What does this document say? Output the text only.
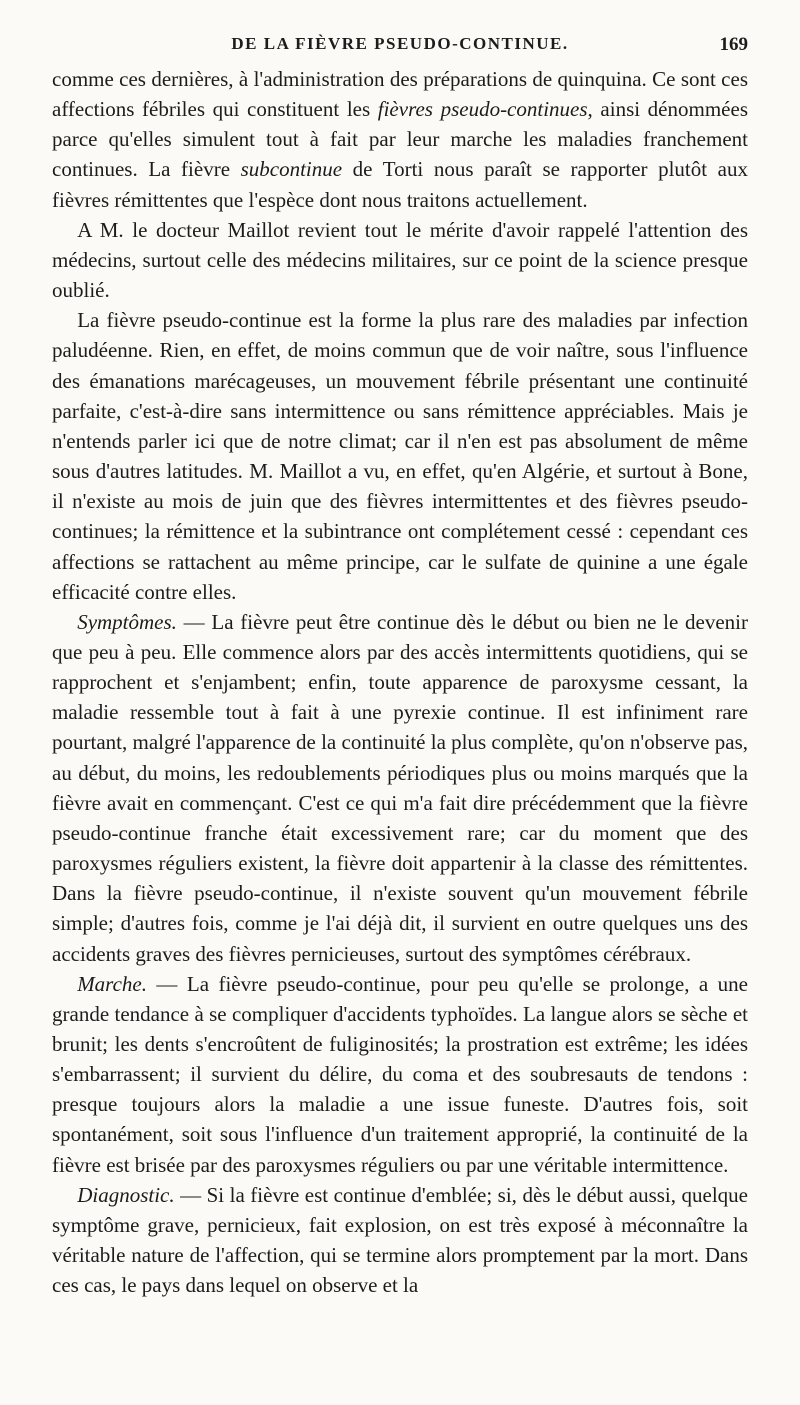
DE LA FIÈVRE PSEUDO-CONTINUE.	169

comme ces dernières, à l'administration des préparations de quinquina. Ce sont ces affections fébriles qui constituent les fièvres pseudo-continues, ainsi dénommées parce qu'elles simulent tout à fait par leur marche les maladies franchement continues. La fièvre subcontinue de Torti nous paraît se rapporter plutôt aux fièvres rémittentes que l'espèce dont nous traitons actuellement.

A M. le docteur Maillot revient tout le mérite d'avoir rappelé l'attention des médecins, surtout celle des médecins militaires, sur ce point de la science presque oublié.

La fièvre pseudo-continue est la forme la plus rare des maladies par infection paludéenne. Rien, en effet, de moins commun que de voir naître, sous l'influence des émanations marécageuses, un mouvement fébrile présentant une continuité parfaite, c'est-à-dire sans intermittence ou sans rémittence appréciables. Mais je n'entends parler ici que de notre climat; car il n'en est pas absolument de même sous d'autres latitudes. M. Maillot a vu, en effet, qu'en Algérie, et surtout à Bone, il n'existe au mois de juin que des fièvres intermittentes et des fièvres pseudo-continues; la rémittence et la subintrance ont complétement cessé : cependant ces affections se rattachent au même principe, car le sulfate de quinine a une égale efficacité contre elles.

Symptômes. — La fièvre peut être continue dès le début ou bien ne le devenir que peu à peu. Elle commence alors par des accès intermittents quotidiens, qui se rapprochent et s'enjambent; enfin, toute apparence de paroxysme cessant, la maladie ressemble tout à fait à une pyrexie continue. Il est infiniment rare pourtant, malgré l'apparence de la continuité la plus complète, qu'on n'observe pas, au début, du moins, les redoublements périodiques plus ou moins marqués que la fièvre avait en commençant. C'est ce qui m'a fait dire précédemment que la fièvre pseudo-continue franche était excessivement rare; car du moment que des paroxysmes réguliers existent, la fièvre doit appartenir à la classe des rémittentes. Dans la fièvre pseudo-continue, il n'existe souvent qu'un mouvement fébrile simple; d'autres fois, comme je l'ai déjà dit, il survient en outre quelques uns des accidents graves des fièvres pernicieuses, surtout des symptômes cérébraux.

Marche. — La fièvre pseudo-continue, pour peu qu'elle se prolonge, a une grande tendance à se compliquer d'accidents typhoïdes. La langue alors se sèche et brunit; les dents s'encroûtent de fuliginosités; la prostration est extrême; les idées s'embarrassent; il survient du délire, du coma et des soubresauts de tendons : presque toujours alors la maladie a une issue funeste. D'autres fois, soit spontanément, soit sous l'influence d'un traitement approprié, la continuité de la fièvre est brisée par des paroxysmes réguliers ou par une véritable intermittence.

Diagnostic. — Si la fièvre est continue d'emblée; si, dès le début aussi, quelque symptôme grave, pernicieux, fait explosion, on est très exposé à méconnaître la véritable nature de l'affection, qui se termine alors promptement par la mort. Dans ces cas, le pays dans lequel on observe et la
